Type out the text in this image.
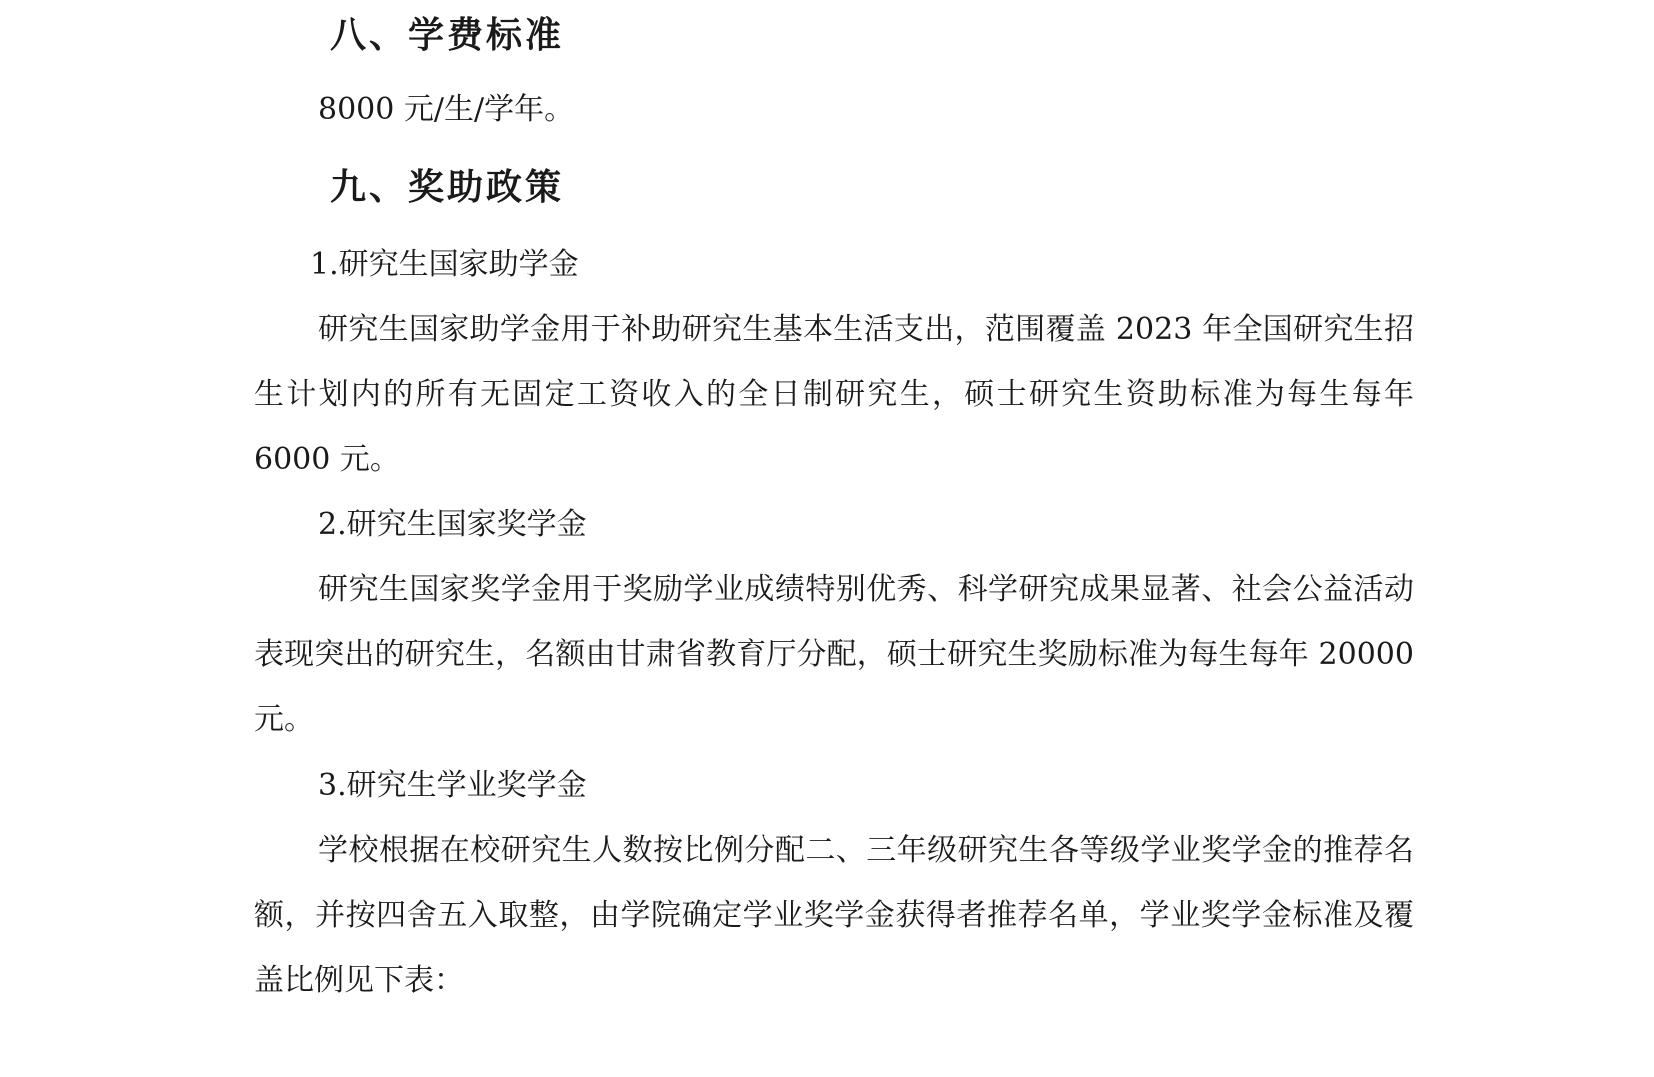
八、学费标准

8000 元/生/学年。

九、奖助政策

1.研究生国家助学金

研究生国家助学金用于补助研究生基本生活支出，范围覆盖 2023 年全国研究生招生计划内的所有无固定工资收入的全日制研究生，硕士研究生资助标准为每生每年 6000 元。

2.研究生国家奖学金

研究生国家奖学金用于奖励学业成绩特别优秀、科学研究成果显著、社会公益活动表现突出的研究生，名额由甘肃省教育厅分配，硕士研究生奖励标准为每生每年 20000 元。

3.研究生学业奖学金

学校根据在校研究生人数按比例分配二、三年级研究生各等级学业奖学金的推荐名额，并按四舍五入取整，由学院确定学业奖学金获得者推荐名单，学业奖学金标准及覆盖比例见下表：
